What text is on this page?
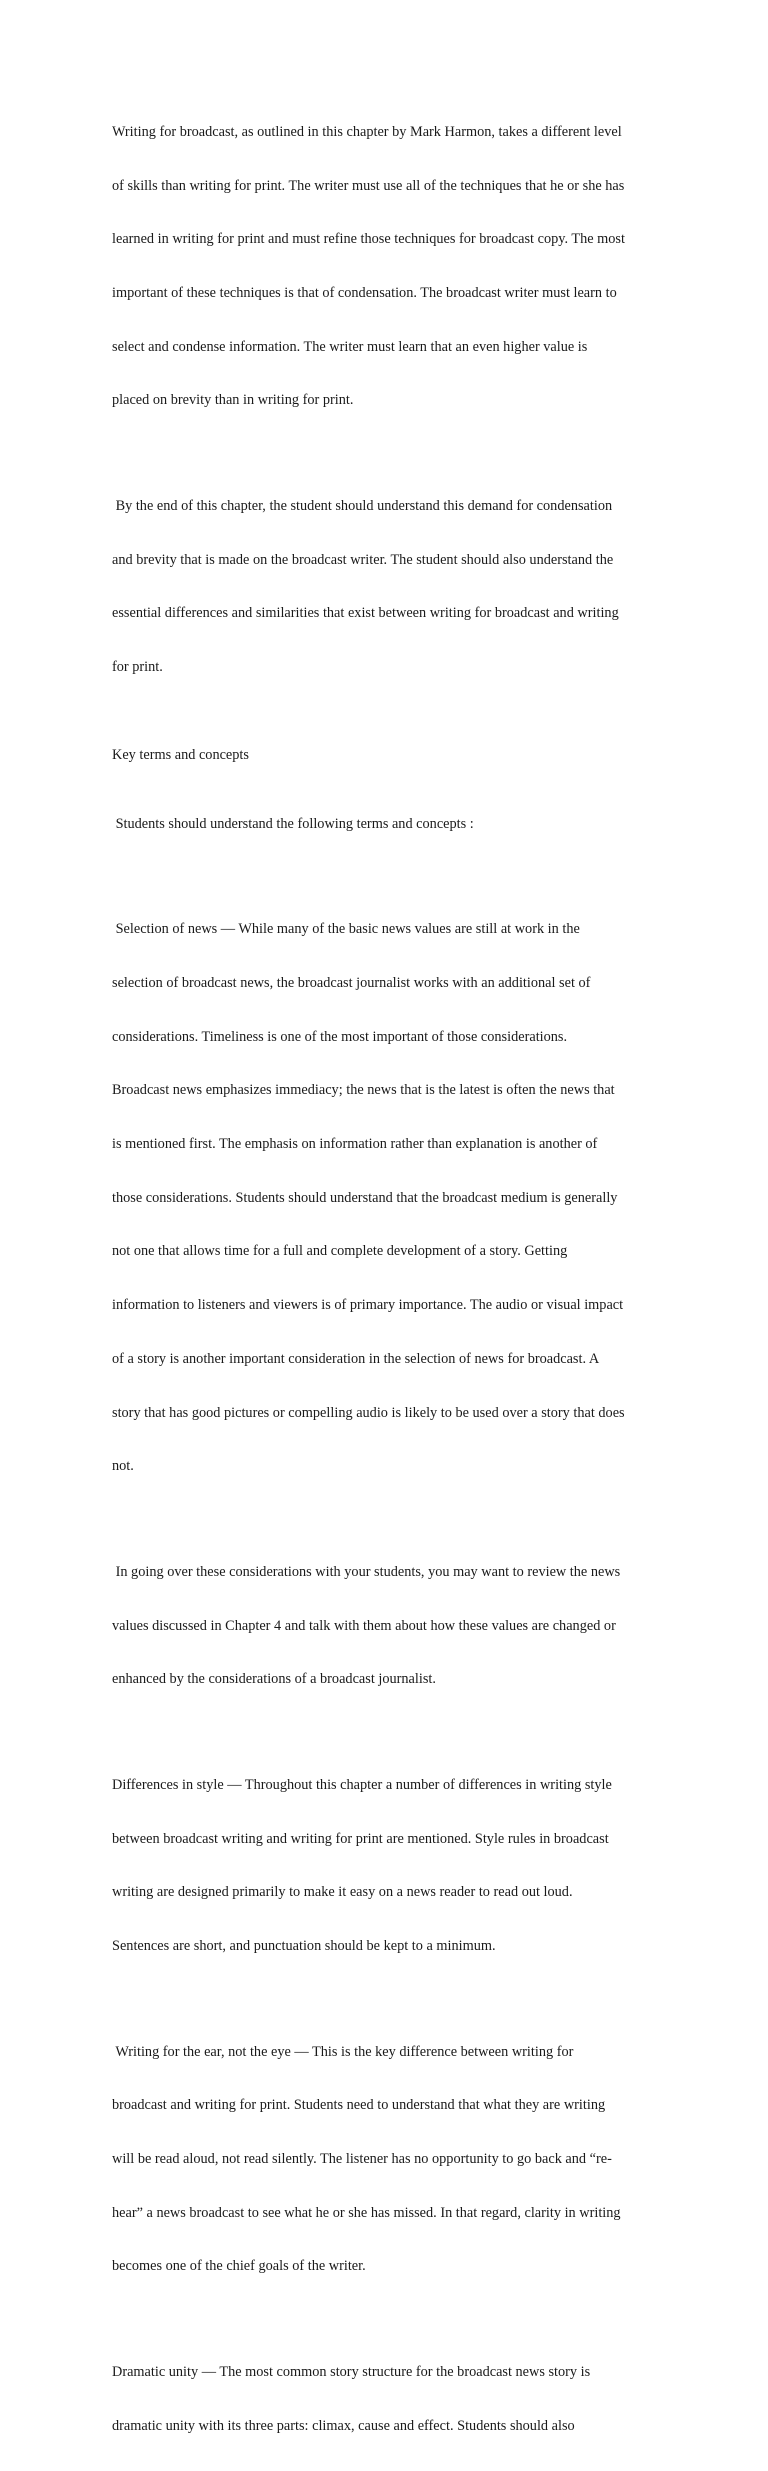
Writing for broadcast, as outlined in this chapter by Mark Harmon, takes a different level

of skills than writing for print. The writer must use all of the techniques that he or she has

learned in writing for print and must refine those techniques for broadcast copy. The most

important of these techniques is that of condensation. The broadcast writer must learn to

select and condense information. The writer must learn that an even higher value is

placed on brevity than in writing for print.

By the end of this chapter, the student should understand this demand for condensation

and brevity that is made on the broadcast writer. The student should also understand the

essential differences and similarities that exist between writing for broadcast and writing

for print.

Key terms and concepts

Students should understand the following terms and concepts :

Selection of news — While many of the basic news values are still at work in the

selection of broadcast news, the broadcast journalist works with an additional set of

considerations. Timeliness is one of the most important of those considerations.

Broadcast news emphasizes immediacy; the news that is the latest is often the news that

is mentioned first. The emphasis on information rather than explanation is another of

those considerations. Students should understand that the broadcast medium is generally

not one that allows time for a full and complete development of a story. Getting

information to listeners and viewers is of primary importance. The audio or visual impact

of a story is another important consideration in the selection of news for broadcast. A

story that has good pictures or compelling audio is likely to be used over a story that does

not.

In going over these considerations with your students, you may want to review the news

values discussed in Chapter 4 and talk with them about how these values are changed or

enhanced by the considerations of a broadcast journalist.

Differences in style — Throughout this chapter a number of differences in writing style

between broadcast writing and writing for print are mentioned. Style rules in broadcast

writing are designed primarily to make it easy on a news reader to read out loud.

Sentences are short, and punctuation should be kept to a minimum.

Writing for the ear, not the eye — This is the key difference between writing for

broadcast and writing for print. Students need to understand that what they are writing

will be read aloud, not read silently. The listener has no opportunity to go back and “re-

hear” a news broadcast to see what he or she has missed. In that regard, clarity in writing

becomes one of the chief goals of the writer.

Dramatic unity — The most common story structure for the broadcast news story is

dramatic unity with its three parts: climax, cause and effect. Students should also
